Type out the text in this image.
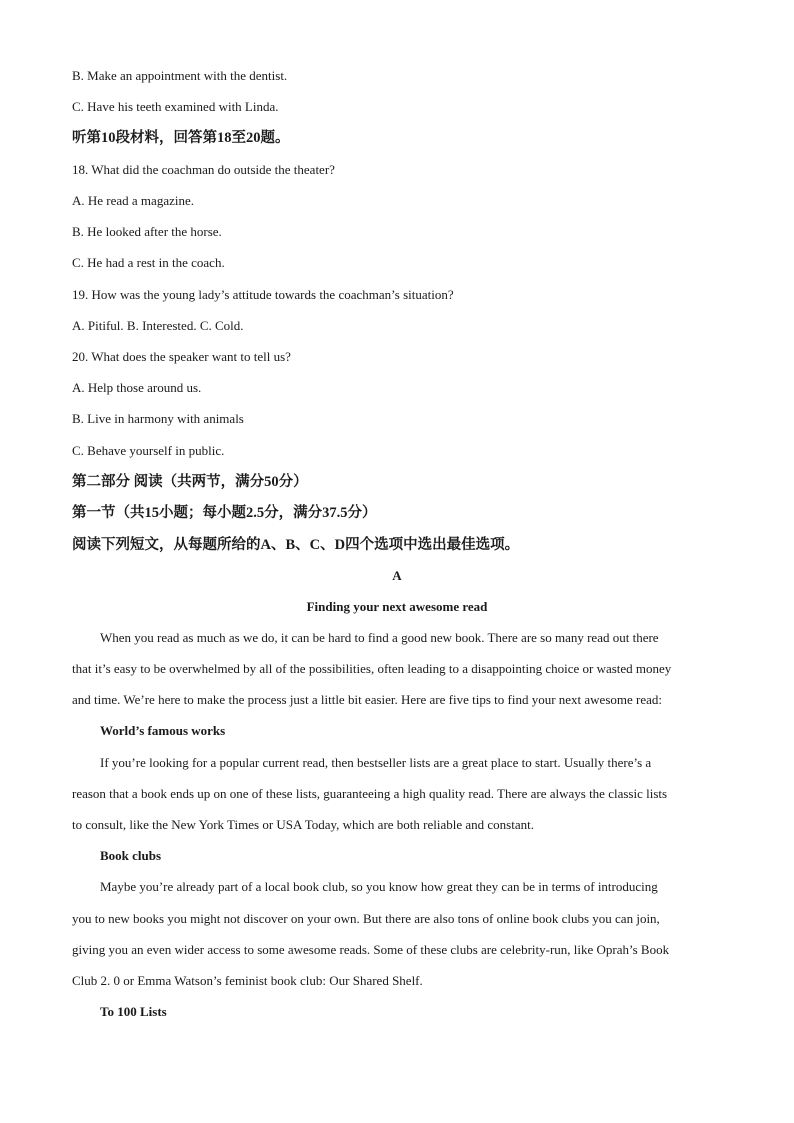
B. Make an appointment with the dentist.
C. Have his teeth examined with Linda.
听第10段材料，回答第18至20题。
18. What did the coachman do outside the theater?
A. He read a magazine.
B. He looked after the horse.
C. He had a rest in the coach.
19. How was the young lady’s attitude towards the coachman’s situation?
A. Pitiful. B. Interested. C. Cold.
20. What does the speaker want to tell us?
A. Help those around us.
B. Live in harmony with animals
C. Behave yourself in public.
第二部分 阅读（共两节，满分50分）
第一节（共15小题；每小题2.5分，满分37.5分）
阅读下列短文，从每题所给的A、B、C、D四个选项中选出最佳选项。
A
Finding your next awesome read
When you read as much as we do, it can be hard to find a good new book. There are so many read out there
that it’s easy to be overwhelmed by all of the possibilities, often leading to a disappointing choice or wasted money
and time. We’re here to make the process just a little bit easier. Here are five tips to find your next awesome read:
World’s famous works
If you’re looking for a popular current read, then bestseller lists are a great place to start. Usually there’s a
reason that a book ends up on one of these lists, guaranteeing a high quality read. There are always the classic lists
to consult, like the New York Times or USA Today, which are both reliable and constant.
Book clubs
Maybe you’re already part of a local book club, so you know how great they can be in terms of introducing
you to new books you might not discover on your own. But there are also tons of online book clubs you can join,
giving you an even wider access to some awesome reads. Some of these clubs are celebrity-run, like Oprah’s Book
Club 2. 0 or Emma Watson’s feminist book club: Our Shared Shelf.
To 100 Lists
